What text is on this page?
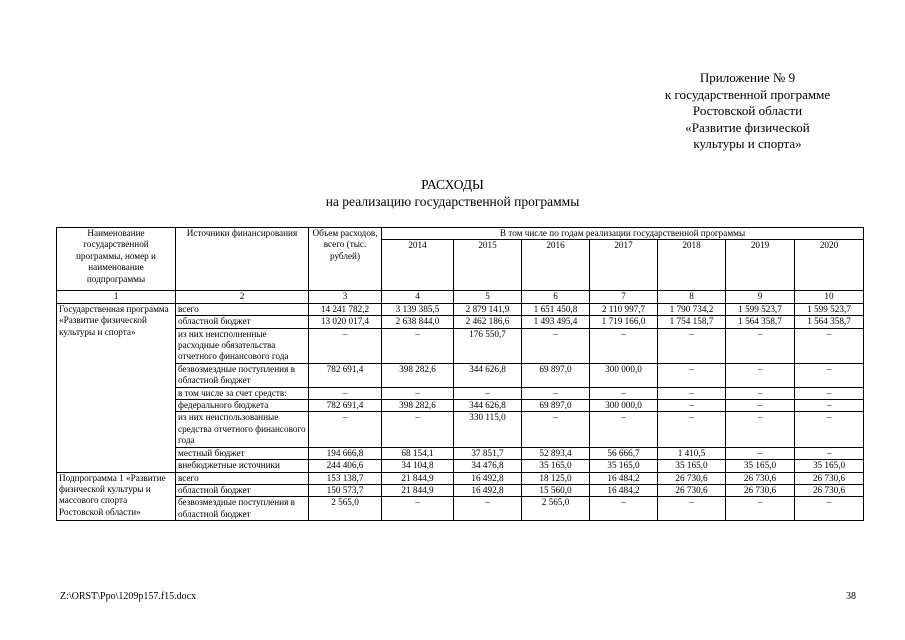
Приложение № 9
к государственной программе
Ростовской области
«Развитие физической
культуры и спорта»
РАСХОДЫ
на реализацию государственной программы
Наименование государственной программы, номер и наименование подпрограммы	Источники финансирования	Объем расходов, всего (тыс. рублей)	В том числе по годам реализации государственной программы						
			2014	2015	2016	2017	2018	2019	2020
1	2	3	4	5	6	7	8	9	10
Государственная программа «Развитие физической культуры и спорта»	всего	14 241 782,2	3 139 385,5	2 879 141,9	1 651 450,8	2 110 997,7	1 790 734,2	1 599 523,7	1 599 523,7
	областной бюджет	13 020 017,4	2 638 844,0	2 462 186,6	1 493 495,4	1 719 166,0	1 754 158,7	1 564 358,7	1 564 358,7
	из них неисполненные расходные обязательства отчетного финансового года	–	–	176 550,7	–	–	–	–	–
	безвозмездные поступления в областной бюджет	782 691,4	398 282,6	344 626,8	69 897,0	300 000,0	–	–	–
	в том числе за счет средств:	–	–	–	–	–	–	–	–
	федерального бюджета	782 691,4	398 282,6	344 626,8	69 897,0	300 000,0	–	–	–
	из них неиспользованные средства отчетного финансового года	–	–	330 115,0	–	–	–	–	–
	местный бюджет	194 666,8	68 154,1	37 851,7	52 893,4	56 666,7	1 410,5	–	–
	внебюджетные источники	244 406,6	34 104,8	34 476,8	35 165,0	35 165,0	35 165,0	35 165,0	35 165,0
Подпрограмма 1 «Развитие физической культуры и массового спорта Ростовской области»	всего	153 138,7	21 844,9	16 492,8	18 125,0	16 484,2	26 730,6	26 730,6	26 730,6
	областной бюджет	150 573,7	21 844,9	16 492,8	15 560,0	16 484,2	26 730,6	26 730,6	26 730,6
	безвозмездные поступления в областной бюджет	2 565,0	–	–	2 565,0	–	–	–	–
Z:\ORST\Ppo\1209p157.f15.docx	38
